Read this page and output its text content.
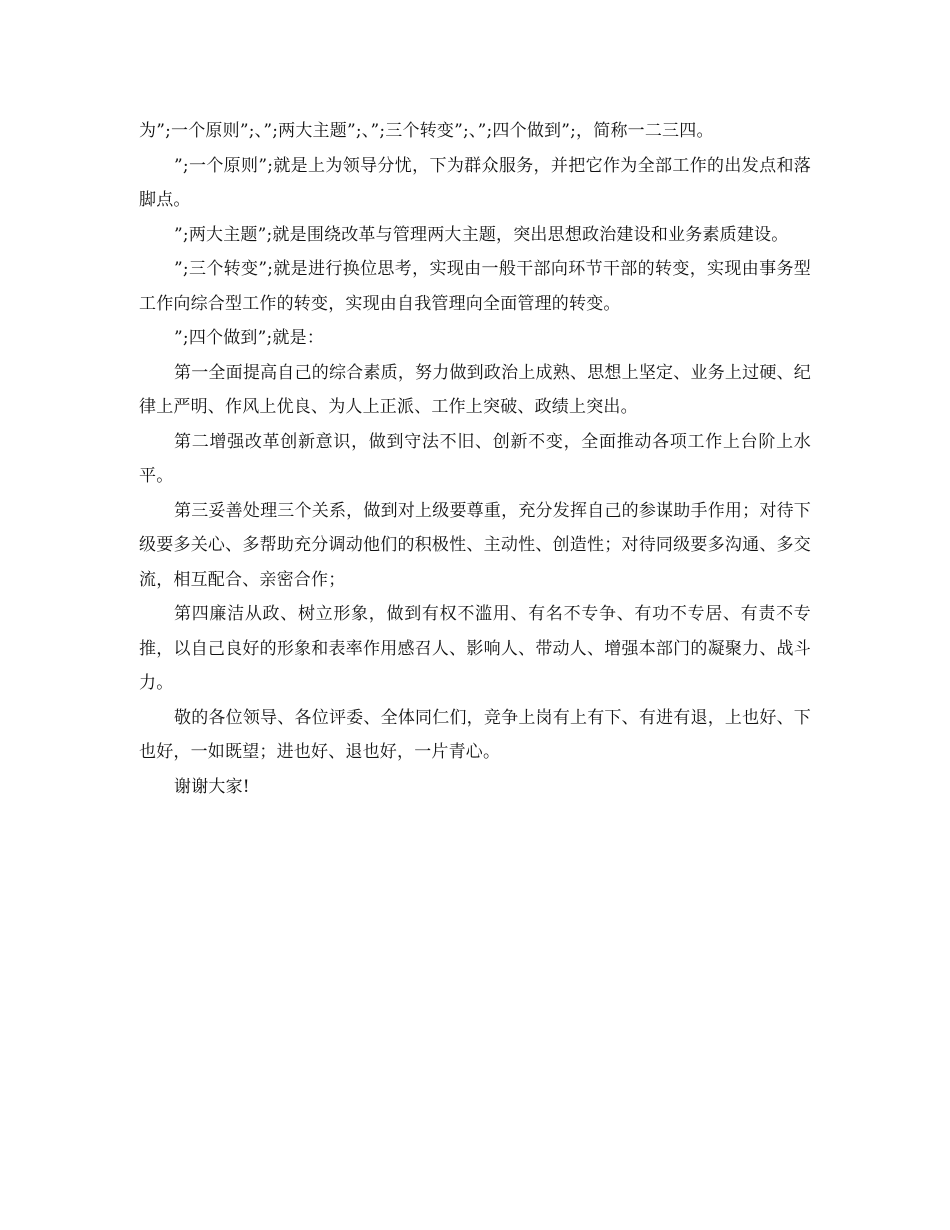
为”;一个原则”;、”;两大主题”;、”;三个转变”;、”;四个做到”;，简称一二三四。

”;一个原则”;就是上为领导分忧，下为群众服务，并把它作为全部工作的出发点和落脚点。

”;两大主题”;就是围绕改革与管理两大主题，突出思想政治建设和业务素质建设。

”;三个转变”;就是进行换位思考，实现由一般干部向环节干部的转变，实现由事务型工作向综合型工作的转变，实现由自我管理向全面管理的转变。

”;四个做到”;就是：

第一全面提高自己的综合素质，努力做到政治上成熟、思想上坚定、业务上过硬、纪律上严明、作风上优良、为人上正派、工作上突破、政绩上突出。

第二增强改革创新意识，做到守法不旧、创新不变，全面推动各项工作上台阶上水平。

第三妥善处理三个关系，做到对上级要尊重，充分发挥自己的参谋助手作用；对待下级要多关心、多帮助充分调动他们的积极性、主动性、创造性；对待同级要多沟通、多交流，相互配合、亲密合作；

第四廉洁从政、树立形象，做到有权不滥用、有名不专争、有功不专居、有责不专推，以自己良好的形象和表率作用感召人、影响人、带动人、增强本部门的凝聚力、战斗力。

敬的各位领导、各位评委、全体同仁们，竞争上岗有上有下、有进有退，上也好、下也好，一如既望；进也好、退也好，一片青心。

谢谢大家!
